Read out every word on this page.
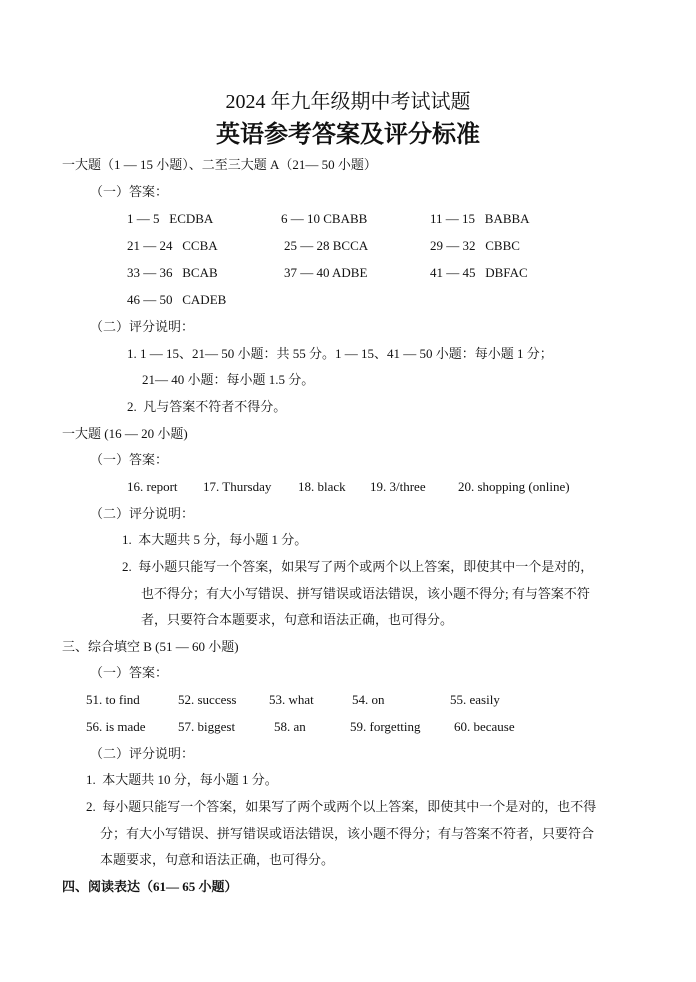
2024 年九年级期中考试试题
英语参考答案及评分标准
一大题（1 — 15 小题）、二至三大题 A（21— 50 小题）
（一）答案：
1 — 5   ECDBA	6 — 10 CBABB	11 — 15   BABBA
21 — 24   CCBA	25 — 28 BCCA	29 — 32   CBBC
33 — 36   BCAB	37 — 40 ADBE	41 — 45   DBFAC
46 — 50   CADEB
（二）评分说明：
1. 1 — 15、21— 50 小题：共 55 分。1 — 15、41 — 50 小题：每小题 1 分；
21— 40 小题：每小题 1.5 分。
2.  凡与答案不符者不得分。
一大题 (16 — 20 小题)
（一）答案：
16. report 17. Thursday 18. black 19. 3/three 20. shopping (online)
（二）评分说明：
1.  本大题共 5 分，每小题 1 分。
2.  每小题只能写一个答案，如果写了两个或两个以上答案，即使其中一个是对的，
也不得分；有大小写错误、拼写错误或语法错误，该小题不得分; 有与答案不符
者，只要符合本题要求，句意和语法正确，也可得分。
三、综合填空 B (51 — 60 小题)
（一）答案：
51. to find	52. success	53. what	54. on	55. easily
56. is made 57. biggest	58. an	59. forgetting	60. because
（二）评分说明：
1.  本大题共 10 分，每小题 1 分。
2.  每小题只能写一个答案，如果写了两个或两个以上答案，即使其中一个是对的，也不得
分；有大小写错误、拼写错误或语法错误，该小题不得分；有与答案不符者，只要符合
本题要求，句意和语法正确，也可得分。
四、阅读表达（61— 65 小题）
